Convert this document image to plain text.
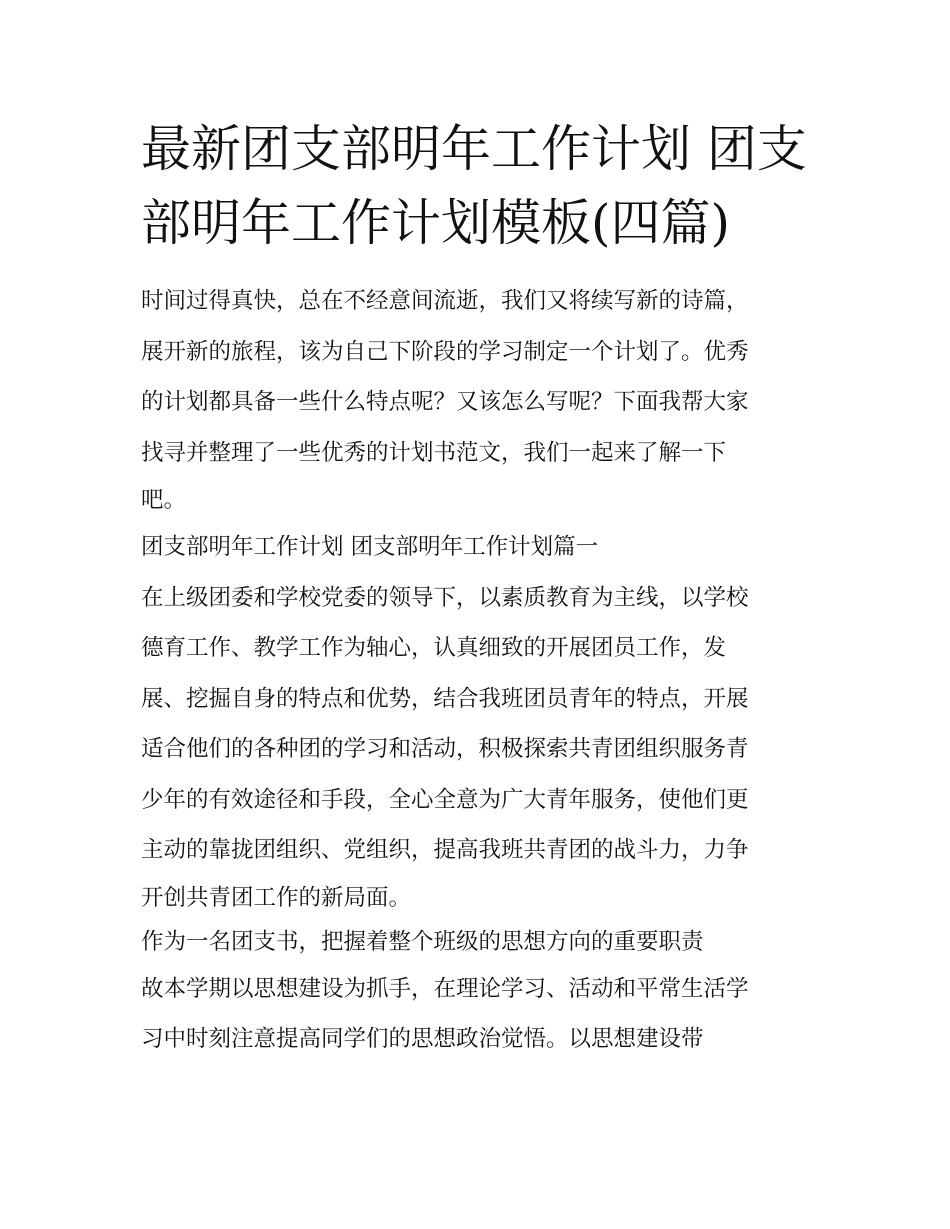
最新团支部明年工作计划 团支
部明年工作计划模板(四篇)
时间过得真快，总在不经意间流逝，我们又将续写新的诗篇，
展开新的旅程，该为自己下阶段的学习制定一个计划了。优秀
的计划都具备一些什么特点呢？又该怎么写呢？下面我帮大家
找寻并整理了一些优秀的计划书范文，我们一起来了解一下
吧。
团支部明年工作计划 团支部明年工作计划篇一
在上级团委和学校党委的领导下，以素质教育为主线，以学校
德育工作、教学工作为轴心，认真细致的开展团员工作，发
展、挖掘自身的特点和优势，结合我班团员青年的特点，开展
适合他们的各种团的学习和活动，积极探索共青团组织服务青
少年的有效途径和手段，全心全意为广大青年服务，使他们更
主动的靠拢团组织、党组织，提高我班共青团的战斗力，力争
开创共青团工作的新局面。
作为一名团支书，把握着整个班级的思想方向的重要职责
故本学期以思想建设为抓手，在理论学习、活动和平常生活学
习中时刻注意提高同学们的思想政治觉悟。以思想建设带
